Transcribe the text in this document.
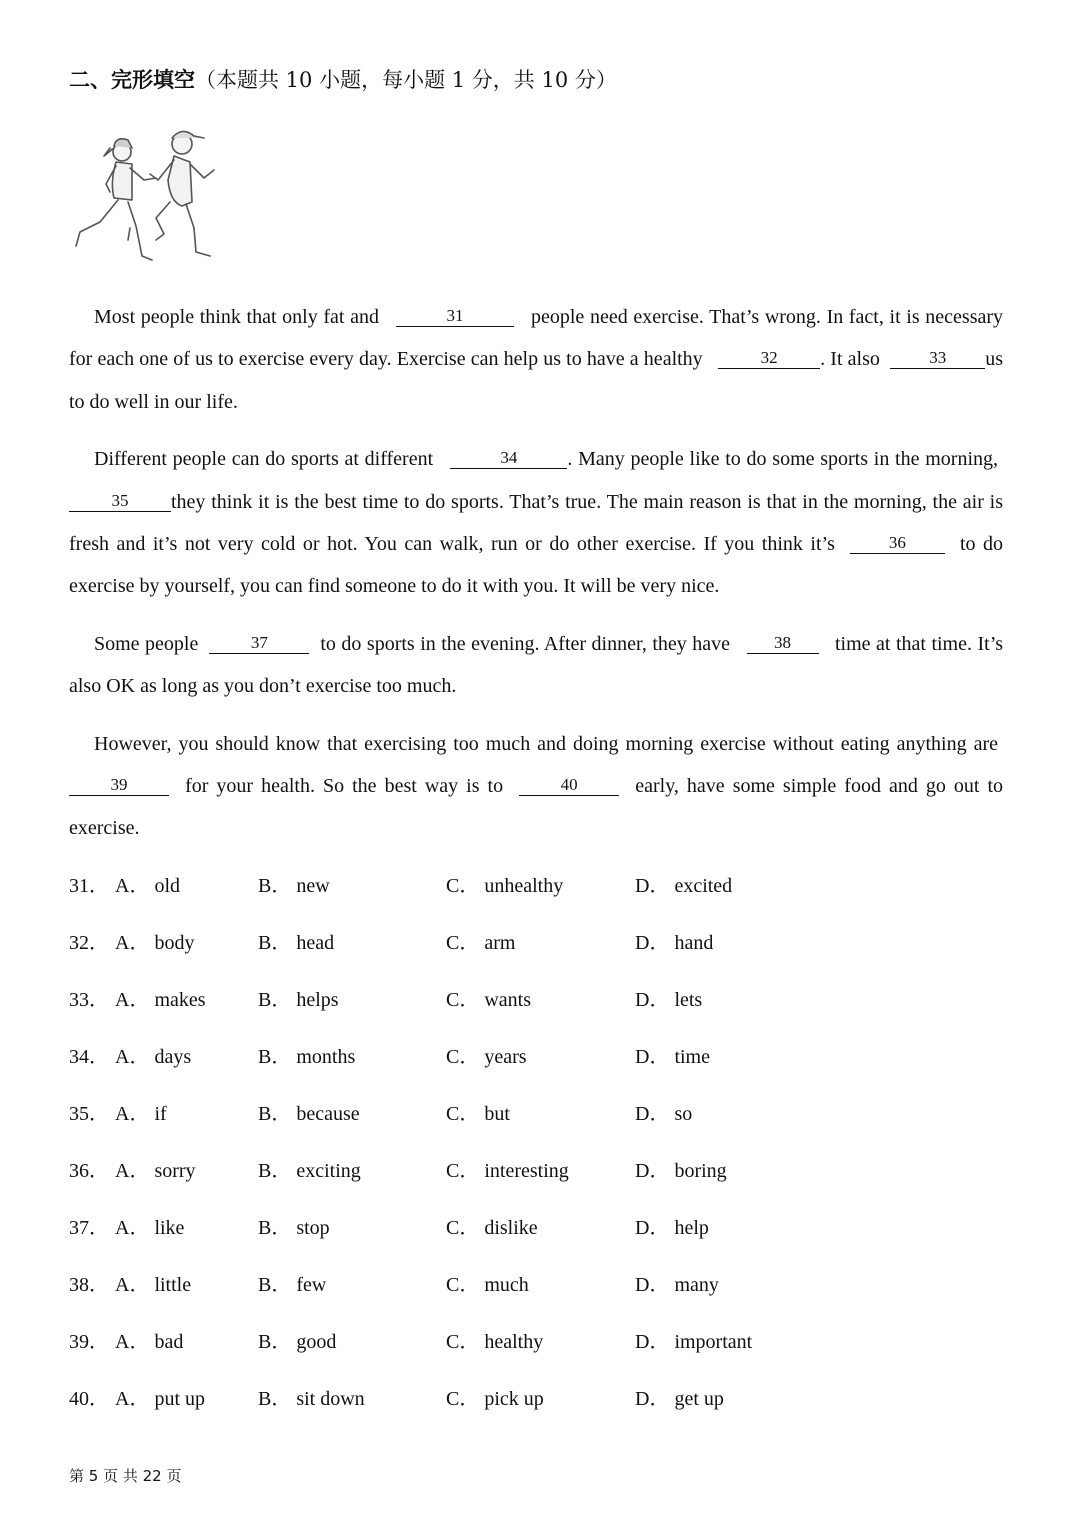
二、完形填空（本题共 10 小题，每小题 1 分，共 10 分）

Most people think that only fat and	31	people need exercise. That’s wrong. In fact, it is necessary for each one of us to exercise every day. Exercise can help us to have a healthy	32 . It also	33 us to do well in our life.

Different people can do sports at different	34	. Many people like to do some sports in the morning,  35 they think it is the best time to do sports. That’s true. The main reason is that in the morning, the air is fresh and it’s not very cold or hot. You can walk, run or do other exercise. If you think it’s	36	to do exercise by yourself, you can find someone to do it with you. It will be very nice.

Some people	37	to do sports in the evening. After dinner, they have	38 time at that time. It’s also OK as long as you don’t exercise too much.

However, you should know that exercising too much and doing morning exercise without eating anything are  39	for your health. So the best way is to	40	early, have some simple food and go out to exercise.

31． A． old	B． new	C． unhealthy	D． excited
32． A． body	B． head	C． arm	D． hand
33． A． makes	B． helps	C． wants	D． lets
34． A． days	B． months	C． years	D． time
35． A． if	B． because	C． but	D． so
36． A． sorry	B． exciting	C． interesting	D． boring
37． A． like	B． stop	C． dislike	D． help
38． A． little	B． few	C． much	D． many
39． A． bad	B． good	C． healthy	D． important
40． A． put up	B． sit down	C． pick up	D． get up
第 5 页 共 22 页
